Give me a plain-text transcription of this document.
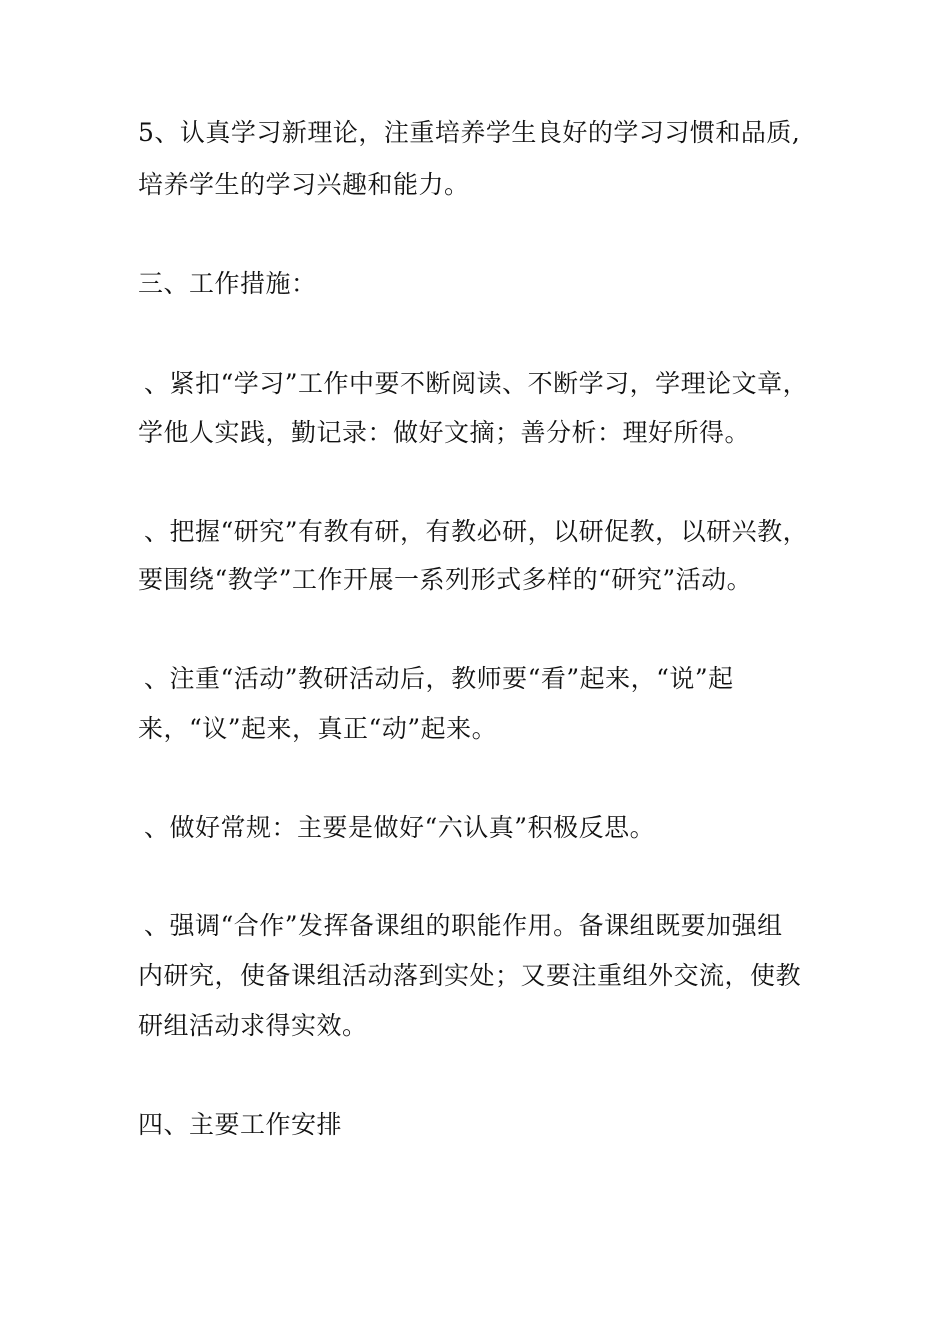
5、认真学习新理论，注重培养学生良好的学习习惯和品质,
培养学生的学习兴趣和能力。
三、工作措施：
、紧扣“学习”工作中要不断阅读、不断学习，学理论文章，
学他人实践，勤记录：做好文摘；善分析：理好所得。
、把握“研究”有教有研，有教必研，以研促教，以研兴教，
要围绕“教学”工作开展一系列形式多样的“研究”活动。
、注重“活动”教研活动后，教师要“看”起来，“说”起
来，“议”起来，真正“动”起来。
、做好常规：主要是做好“六认真”积极反思。
、强调“合作”发挥备课组的职能作用。备课组既要加强组
内研究，使备课组活动落到实处；又要注重组外交流，使教
研组活动求得实效。
四、主要工作安排
